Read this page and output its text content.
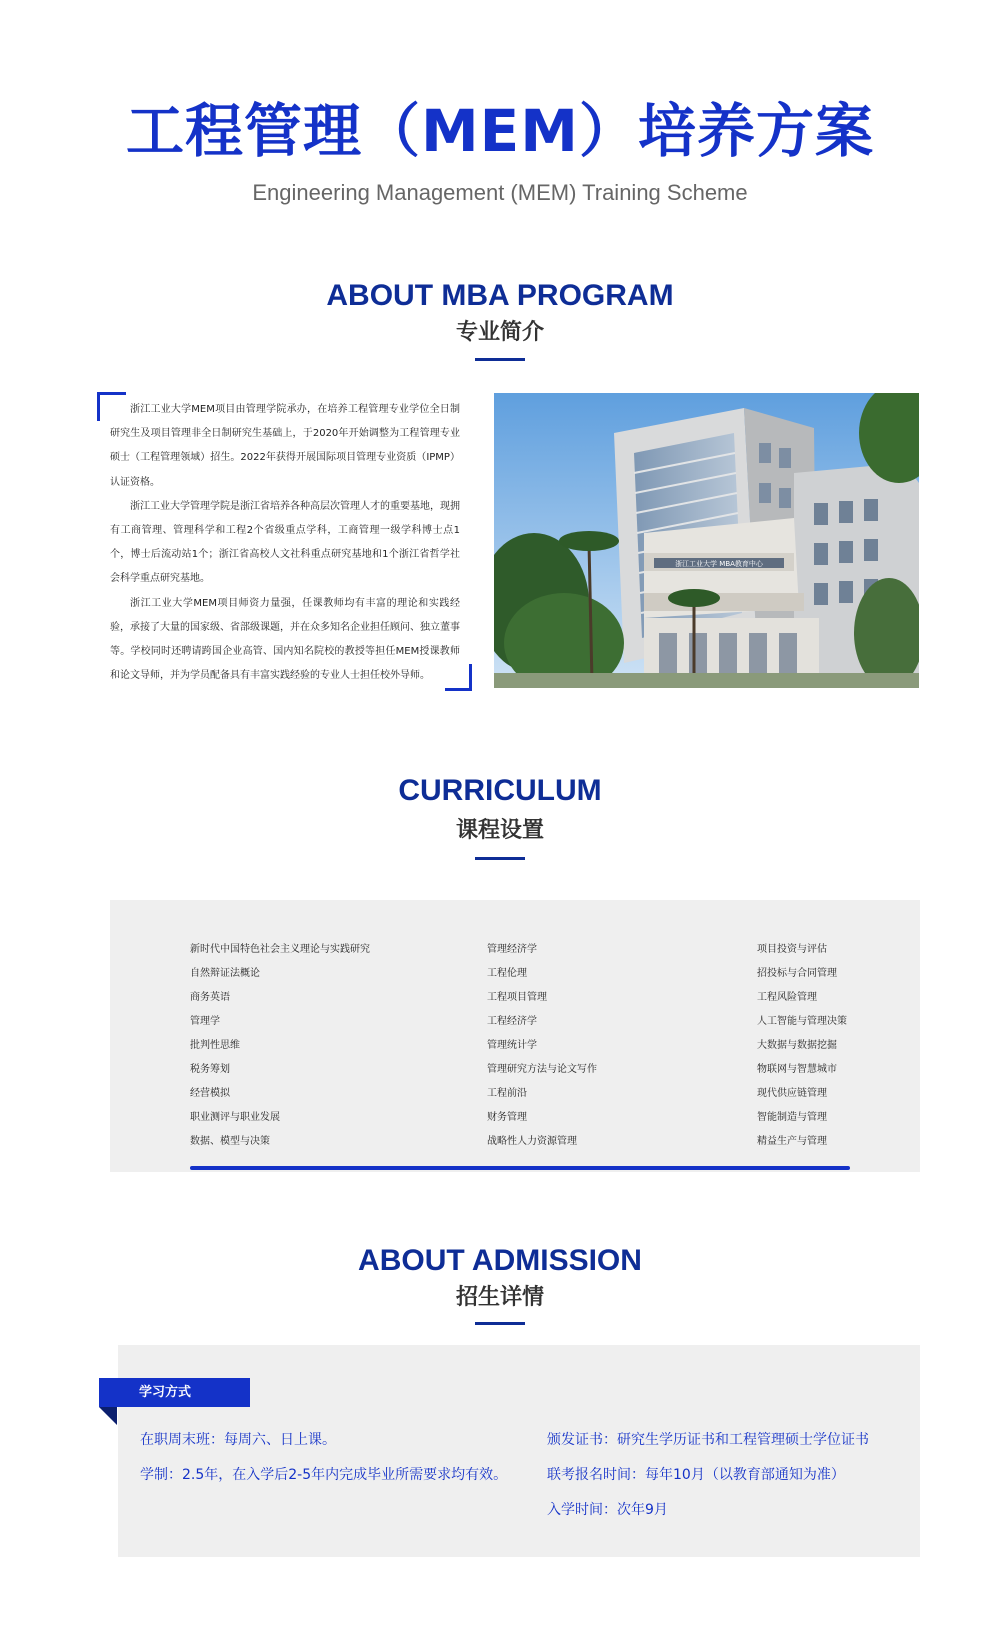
工程管理（MEM）培养方案
Engineering Management (MEM) Training Scheme
ABOUT MBA PROGRAM
专业简介

浙江工业大学MEM项目由管理学院承办，在培养工程管理专业学位全日制研究生及项目管理非全日制研究生基础上，于2020年开始调整为工程管理专业硕士（工程管理领域）招生。2022年获得开展国际项目管理专业资质（IPMP）认证资格。

浙江工业大学管理学院是浙江省培养各种高层次管理人才的重要基地，现拥有工商管理、管理科学和工程2个省级重点学科，工商管理一级学科博士点1个，博士后流动站1个；浙江省高校人文社科重点研究基地和1个浙江省哲学社会科学重点研究基地。

浙江工业大学MEM项目师资力量强，任课教师均有丰富的理论和实践经验，承接了大量的国家级、省部级课题，并在众多知名企业担任顾问、独立董事等。学校同时还聘请跨国企业高管、国内知名院校的教授等担任MEM授课教师和论文导师，并为学员配备具有丰富实践经验的专业人士担任校外导师。

浙江工业大学 MBA教育中心
CURRICULUM
课程设置
新时代中国特色社会主义理论与实践研究
自然辩证法概论
商务英语
管理学
批判性思维
税务筹划
经营模拟
职业测评与职业发展
数据、模型与决策
管理经济学
工程伦理
工程项目管理
工程经济学
管理统计学
管理研究方法与论文写作
工程前沿
财务管理
战略性人力资源管理
项目投资与评估
招投标与合同管理
工程风险管理
人工智能与管理决策
大数据与数据挖掘
物联网与智慧城市
现代供应链管理
智能制造与管理
精益生产与管理
ABOUT ADMISSION
招生详情
学习方式
在职周末班：每周六、日上课。
学制：2.5年，在入学后2-5年内完成毕业所需要求均有效。
颁发证书：研究生学历证书和工程管理硕士学位证书
联考报名时间：每年10月（以教育部通知为准）
入学时间：次年9月
